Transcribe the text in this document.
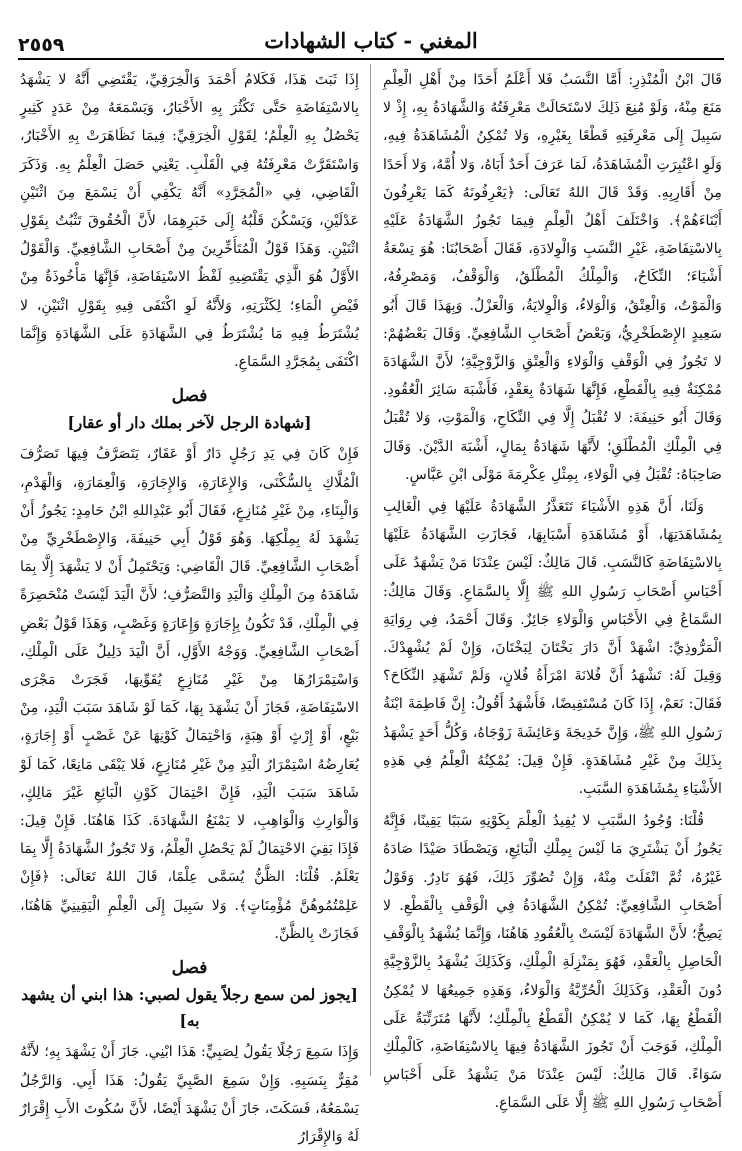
٢٥٥٩	المغني - كتاب الشهادات

قَالَ ابْنُ الْمُنْذِرِ: أَمَّا النَّسَبُ فَلا أَعْلَمُ أَحَدًا مِنْ أَهْلِ الْعِلْمِ مَنَعَ مِنْهُ، وَلَوْ مُنِعَ ذَلِكَ لاسْتَحَالَتْ مَعْرِفَتُهُ وَالشَّهَادَةُ بِهِ، إِذْ لا سَبِيلَ إِلَى مَعْرِفَتِهِ قَطْعًا بِغَيْرِهِ، وَلا تُمْكِنُ الْمُشَاهَدَةُ فِيهِ، وَلَوِ اعْتُبِرَتِ الْمُشَاهَدَةُ، لَمَا عَرَفَ أَحَدٌ أَبَاهُ، وَلا أُمَّهُ، وَلا أَحَدًا مِنْ أَقَارِبِهِ. وَقَدْ قَالَ اللهُ تَعَالَى: ﴿يَعْرِفُونَهُ كَمَا يَعْرِفُونَ أَبْنَاءَهُمْ﴾. وَاخْتَلَفَ أَهْلُ الْعِلْمِ فِيمَا تَجُوزُ الشَّهَادَةُ عَلَيْهِ بِالاسْتِفَاضَةِ، غَيْرِ النَّسَبِ وَالْوِلادَةِ، فَقَالَ أَصْحَابُنَا: هُوَ تِسْعَةُ أَشْيَاءَ؛ النِّكَاحُ، وَالْمِلْكُ الْمُطْلَقُ، وَالْوَقْفُ، وَمَصْرِفُهُ، وَالْمَوْتُ، وَالْعِتْقُ، وَالْوَلاءُ، وَالْوِلايَةُ، وَالْعَزْلُ. وَبِهَذَا قَالَ أَبُو سَعِيدٍ الإِصْطَخْرِيُّ، وَبَعْضُ أَصْحَابِ الشَّافِعِيِّ. وَقَالَ بَعْضُهُمْ: لا تَجُوزُ فِي الْوَقْفِ وَالْوَلاءِ وَالْعِتْقِ وَالزَّوْجِيَّةِ؛ لأَنَّ الشَّهَادَةَ مُمْكِنَةٌ فِيهِ بِالْقَطْعِ، فَإِنَّهَا شَهَادَةٌ بِعَقْدٍ، فَأَشْبَهَ سَائِرَ الْعُقُودِ. وَقَالَ أَبُو حَنِيفَةَ: لا تُقْبَلُ إِلَّا فِي النِّكَاحِ، وَالْمَوْتِ، وَلا تُقْبَلُ فِي الْمِلْكِ الْمُطْلَقِ؛ لأَنَّهَا شَهَادَةٌ بِمَالٍ، أَشْبَهَ الدَّيْنَ. وَقَالَ صَاحِبَاهُ: تُقْبَلُ فِي الْوَلاءِ، بِمِثْلِ عِكْرِمَةَ مَوْلَى ابْنِ عَبَّاسٍ.

وَلَنَا، أَنَّ هَذِهِ الأَشْيَاءَ تَتَعَذَّرُ الشَّهَادَةُ عَلَيْهَا فِي الْغَالِبِ بِمُشَاهَدَتِهَا، أَوْ مُشَاهَدَةِ أَسْبَابِهَا، فَجَازَتِ الشَّهَادَةُ عَلَيْهَا بِالاسْتِفَاضَةِ كَالنَّسَبِ. قَالَ مَالِكٌ: لَيْسَ عِنْدَنَا مَنْ يَشْهَدُ عَلَى أَحْبَاسِ أَصْحَابِ رَسُولِ اللهِ ﷺ إِلَّا بِالسَّمَاعِ. وَقَالَ مَالِكٌ: السَّمَاعُ فِي الأَحْبَاسِ وَالْوَلاءِ جَائِزٌ. وَقَالَ أَحْمَدُ، فِي رِوَايَةِ الْمَرُّوذِيِّ: اشْهَدْ أَنَّ دَارَ بَخْتَانَ لِبَخْتَانَ، وَإِنْ لَمْ يُشْهِدْكَ. وَقِيلَ لَهُ: تَشْهَدُ أَنَّ فُلانَةَ امْرَأَةُ فُلانٍ، وَلَمْ تَشْهَدِ النِّكَاحَ؟ فَقَالَ: نَعَمْ، إِذَا كَانَ مُسْتَفِيضًا، فَأَشْهَدُ أَقُولُ: إِنَّ فَاطِمَةَ ابْنَةُ رَسُولِ اللهِ ﷺ، وَإِنَّ خَدِيجَةَ وَعَائِشَةَ زَوْجَاهُ، وَكُلُّ أَحَدٍ يَشْهَدُ بِذَلِكَ مِنْ غَيْرِ مُشَاهَدَةٍ. فَإِنْ قِيلَ: يُمْكِنُهُ الْعِلْمُ فِي هَذِهِ الأَشْيَاءِ بِمُشَاهَدَةِ السَّبَبِ.

قُلْنَا: وُجُودُ السَّبَبِ لا يُفِيدُ الْعِلْمَ بِكَوْنِهِ سَبَبًا يَقِينًا، فَإِنَّهُ يَجُوزُ أَنْ يَشْتَرِيَ مَا لَيْسَ بِمِلْكِ الْبَائِعِ، وَيَصْطَادَ صَيْدًا صَادَهُ غَيْرُهُ، ثُمَّ انْفَلَتَ مِنْهُ، وَإِنْ تُصُوِّرَ ذَلِكَ، فَهُوَ نَادِرٌ. وَقَوْلُ أَصْحَابِ الشَّافِعِيِّ: تُمْكِنُ الشَّهَادَةُ فِي الْوَقْفِ بِالْقَطْعِ. لا يَصِحُّ؛ لأَنَّ الشَّهَادَةَ لَيْسَتْ بِالْعُقُودِ هَاهُنَا، وَإِنَّمَا يُشْهَدُ بِالْوَقْفِ الْحَاصِلِ بِالْعَقْدِ، فَهُوَ بِمَنْزِلَةِ الْمِلْكِ، وَكَذَلِكَ يُشْهَدُ بِالزَّوْجِيَّةِ دُونَ الْعَقْدِ، وَكَذَلِكَ الْحُرِّيَّةُ وَالْوَلاءُ، وَهَذِهِ جَمِيعُهَا لا يُمْكِنُ الْقَطْعُ بِهَا، كَمَا لا يُمْكِنُ الْقَطْعُ بِالْمِلْكِ؛ لأَنَّهَا مُتَرَتِّبَةٌ عَلَى الْمِلْكِ، فَوَجَبَ أَنْ تَجُوزَ الشَّهَادَةُ فِيهَا بِالاسْتِفَاضَةِ، كَالْمِلْكِ سَوَاءً. قَالَ مَالِكٌ: لَيْسَ عِنْدَنَا مَنْ يَشْهَدُ عَلَى أَحْبَاسِ أَصْحَابِ رَسُولِ اللهِ ﷺ إِلَّا عَلَى السَّمَاعِ.

إِذَا ثَبَتَ هَذَا، فَكَلامُ أَحْمَدَ وَالْخِرَقِيِّ، يَقْتَضِي أَنَّهُ لا يَشْهَدُ بِالاسْتِفَاضَةِ حَتَّى تَكْثُرَ بِهِ الأَخْبَارُ، وَيَسْمَعَهُ مِنْ عَدَدٍ كَثِيرٍ يَحْصُلُ بِهِ الْعِلْمُ؛ لِقَوْلِ الْخِرَقِيِّ: فِيمَا تَظَاهَرَتْ بِهِ الأَخْبَارُ، وَاسْتَقَرَّتْ مَعْرِفَتُهُ فِي الْقَلْبِ. يَعْنِي حَصَلَ الْعِلْمُ بِهِ. وَذَكَرَ الْقَاضِي، فِي «الْمُجَرَّدِ» أَنَّهُ يَكْفِي أَنْ يَسْمَعَ مِنَ اثْنَيْنِ عَدْلَيْنِ، وَيَسْكُنَ قَلْبُهُ إِلَى خَبَرِهِمَا، لأَنَّ الْحُقُوقَ تَثْبُتُ بِقَوْلِ اثْنَيْنِ. وَهَذَا قَوْلُ الْمُتَأَخِّرِينَ مِنْ أَصْحَابِ الشَّافِعِيِّ. وَالْقَوْلُ الأَوَّلُ هُوَ الَّذِي يَقْتَضِيهِ لَفْظُ الاسْتِفَاضَةِ، فَإِنَّهَا مَأْخُوذَةٌ مِنْ فَيْضِ الْمَاءِ؛ لِكَثْرَتِهِ، وَلأَنَّهُ لَوِ اكْتَفَى فِيهِ بِقَوْلِ اثْنَيْنِ، لا يُشْتَرَطُ فِيهِ مَا يُشْتَرَطُ فِي الشَّهَادَةِ عَلَى الشَّهَادَةِ وَإِنَّمَا اكْتَفَى بِمُجَرَّدِ السَّمَاعِ.

فصل
[شهادة الرجل لآخر بملك دار أو عقار]

فَإِنْ كَانَ فِي يَدِ رَجُلٍ دَارٌ أَوْ عَقَارٌ، يَتَصَرَّفُ فِيهَا تَصَرُّفَ الْمُلَّاكِ بِالسُّكْنَى، وَالإِعَارَةِ، وَالإِجَارَةِ، وَالْعِمَارَةِ، وَالْهَدْمِ، وَالْبِنَاءِ، مِنْ غَيْرِ مُنَازِعٍ، فَقَالَ أَبُو عَبْدِاللهِ ابْنُ حَامِدٍ: يَجُوزُ أَنْ يَشْهَدَ لَهُ بِمِلْكِهَا. وَهُوَ قَوْلُ أَبِي حَنِيفَةَ، وَالإِصْطَخْرِيِّ مِنْ أَصْحَابِ الشَّافِعِيِّ. قَالَ الْقَاضِي: وَيَحْتَمِلُ أَنْ لا يَشْهَدَ إِلَّا بِمَا شَاهَدَهُ مِنَ الْمِلْكِ وَالْيَدِ وَالتَّصَرُّفِ؛ لأَنَّ الْيَدَ لَيْسَتْ مُنْحَصِرَةً فِي الْمِلْكِ، قَدْ تَكُونُ بِإِجَارَةٍ وَإِعَارَةٍ وَغَصْبٍ، وَهَذَا قَوْلُ بَعْضِ أَصْحَابِ الشَّافِعِيِّ. وَوَجْهُ الأَوَّلِ، أَنَّ الْيَدَ دَلِيلٌ عَلَى الْمِلْكِ، وَاسْتِمْرَارُهَا مِنْ غَيْرِ مُنَازِعٍ يُقَوِّيهَا، فَجَرَتْ مَجْرَى الاسْتِفَاضَةِ، فَجَازَ أَنْ يَشْهَدَ بِهَا، كَمَا لَوْ شَاهَدَ سَبَبَ الْيَدِ، مِنْ بَيْعٍ، أَوْ إِرْثٍ أَوْ هِبَةٍ، وَاحْتِمَالُ كَوْنِهَا عَنْ غَصْبٍ أَوْ إِجَارَةٍ، يُعَارِضُهُ اسْتِمْرَارُ الْيَدِ مِنْ غَيْرِ مُنَازِعٍ، فَلا يَبْقَى مَانِعًا، كَمَا لَوْ شَاهَدَ سَبَبَ الْيَدِ، فَإِنَّ احْتِمَالَ كَوْنِ الْبَائِعِ غَيْرَ مَالِكٍ، وَالْوَارِثِ وَالْوَاهِبِ، لا يَمْنَعُ الشَّهَادَةَ. كَذَا هَاهُنَا. فَإِنْ قِيلَ: فَإِذَا بَقِيَ الاحْتِمَالُ لَمْ يَحْصُلِ الْعِلْمُ، وَلا تَجُوزُ الشَّهَادَةُ إِلَّا بِمَا يَعْلَمُ. قُلْنَا: الظَّنُّ يُسَمَّى عِلْمًا، قَالَ اللهُ تَعَالَى: ﴿فَإِنْ عَلِمْتُمُوهُنَّ مُؤْمِنَاتٍ﴾. وَلا سَبِيلَ إِلَى الْعِلْمِ الْيَقِينِيِّ هَاهُنَا، فَجَازَتْ بِالظَّنِّ.

فصل
[يجوز لمن سمع رجلاً يقول لصبي: هذا ابني أن يشهد به]

وَإِذَا سَمِعَ رَجُلًا يَقُولُ لِصَبِيٍّ: هَذَا ابْنِي. جَازَ أَنْ يَشْهَدَ بِهِ؛ لأَنَّهُ مُقِرٌّ بِنَسَبِهِ. وَإِنْ سَمِعَ الصَّبِيَّ يَقُولُ: هَذَا أَبِي. وَالرَّجُلُ يَسْمَعُهُ، فَسَكَتَ، جَازَ أَنْ يَشْهَدَ أَيْضًا، لأَنَّ سُكُوتَ الأَبِ إِقْرَارٌ لَهُ وَالإِقْرَارُ
